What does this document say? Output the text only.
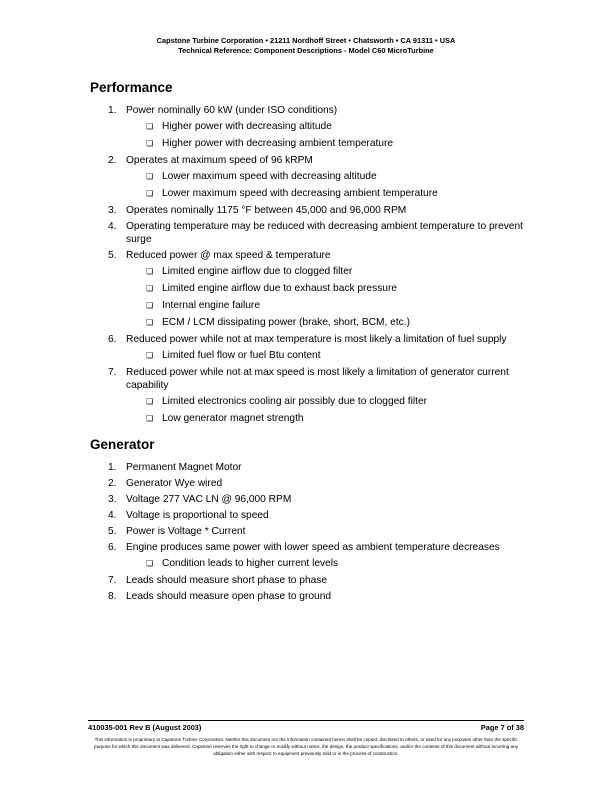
Capstone Turbine Corporation • 21211 Nordhoff Street • Chatsworth • CA 91311 • USA
Technical Reference: Component Descriptions - Model C60 MicroTurbine
Performance
1. Power nominally 60 kW (under ISO conditions)
❏ Higher power with decreasing altitude
❏ Higher power with decreasing ambient temperature
2. Operates at maximum speed of 96 kRPM
❏ Lower maximum speed with decreasing altitude
❏ Lower maximum speed with decreasing ambient temperature
3. Operates nominally 1175 °F between 45,000 and 96,000 RPM
4. Operating temperature may be reduced with decreasing ambient temperature to prevent surge
5. Reduced power @ max speed & temperature
❏ Limited engine airflow due to clogged filter
❏ Limited engine airflow due to exhaust back pressure
❏ Internal engine failure
❏ ECM / LCM dissipating power (brake, short, BCM, etc.)
6. Reduced power while not at max temperature is most likely a limitation of fuel supply
❏ Limited fuel flow or fuel Btu content
7. Reduced power while not at max speed is most likely a limitation of generator current capability
❏ Limited electronics cooling air possibly due to clogged filter
❏ Low generator magnet strength
Generator
1. Permanent Magnet Motor
2. Generator Wye wired
3. Voltage 277 VAC LN @ 96,000 RPM
4. Voltage is proportional to speed
5. Power is Voltage * Current
6. Engine produces same power with lower speed as ambient temperature decreases
❏ Condition leads to higher current levels
7. Leads should measure short phase to phase
8. Leads should measure open phase to ground
410035-001 Rev B (August 2003)	Page 7 of 38
This information is proprietary to Capstone Turbine Corporation. Neither this document nor the information contained herein shall be copied, disclosed to others, or used for any purposes other than the specific purpose for which this document was delivered. Capstone reserves the right to change or modify without notice, the design, the product specifications, and/or the contents of this document without incurring any obligation either with respect to equipment previously sold or in the process of construction.
